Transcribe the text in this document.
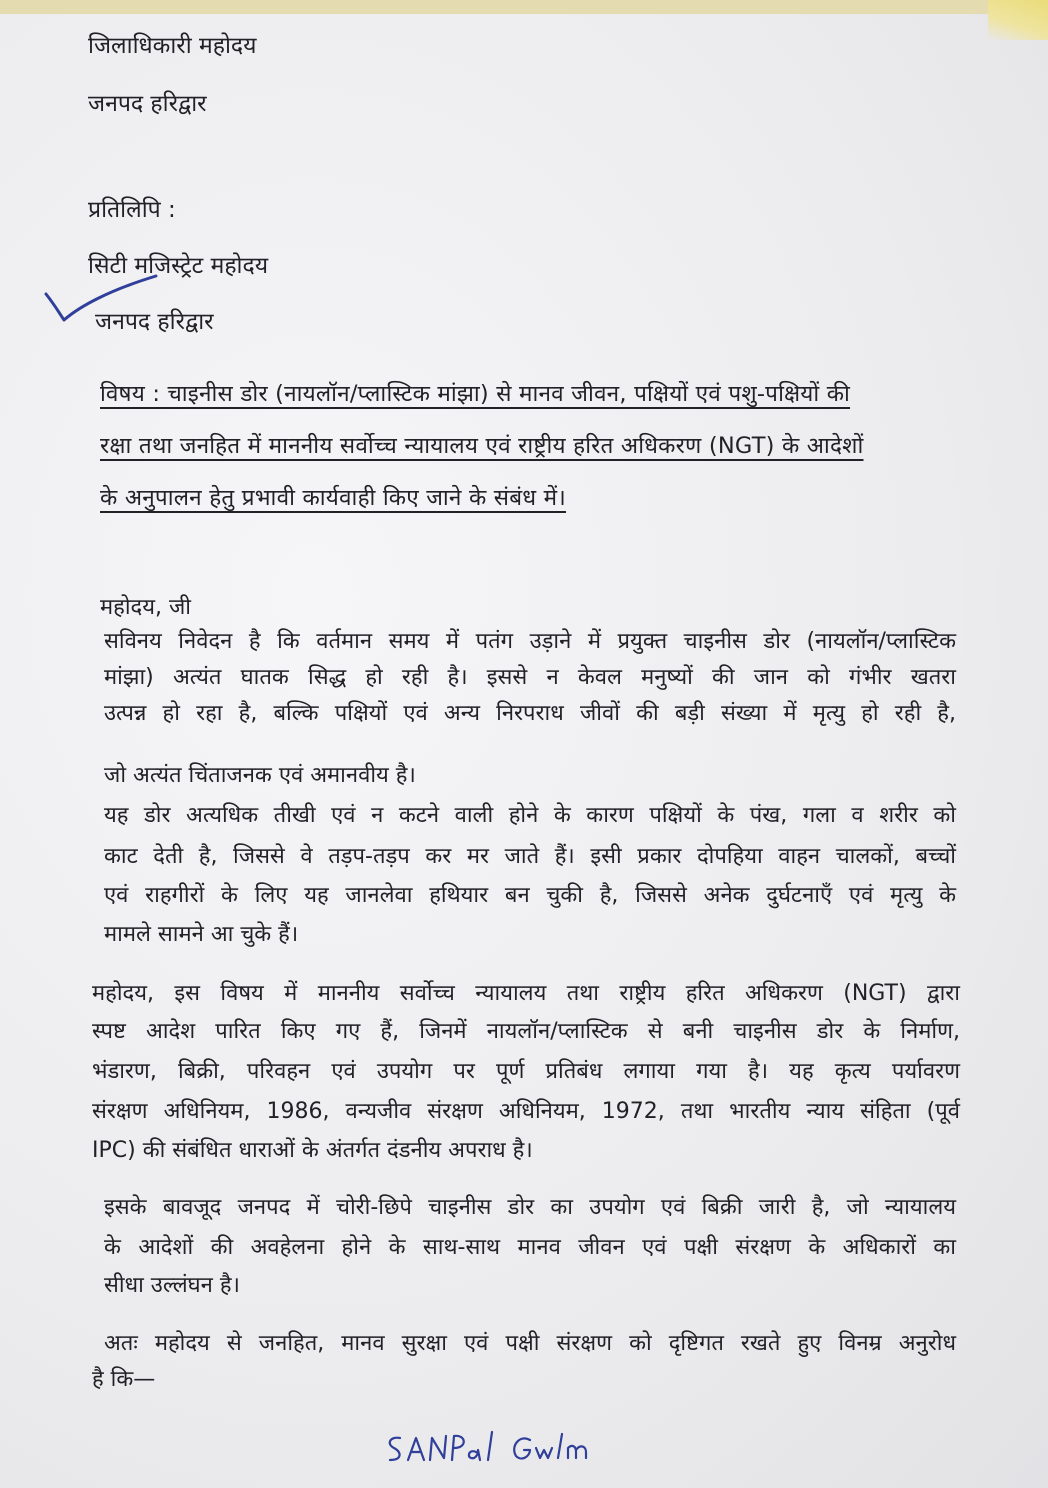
जिलाधिकारी महोदय

जनपद हरिद्वार

प्रतिलिपि :

सिटी मजिस्ट्रेट महोदय

जनपद हरिद्वार

विषय : चाइनीस डोर (नायलॉन/प्लास्टिक मांझा) से मानव जीवन, पक्षियों एवं पशु-पक्षियों की

रक्षा तथा जनहित में माननीय सर्वोच्च न्यायालय एवं राष्ट्रीय हरित अधिकरण (NGT) के आदेशों

के अनुपालन हेतु प्रभावी कार्यवाही किए जाने के संबंध में।

महोदय, जी

सविनय निवेदन है कि वर्तमान समय में पतंग उड़ाने में प्रयुक्त चाइनीस डोर (नायलॉन/प्लास्टिक

मांझा) अत्यंत घातक सिद्ध हो रही है। इससे न केवल मनुष्यों की जान को गंभीर खतरा

उत्पन्न हो रहा है, बल्कि पक्षियों एवं अन्य निरपराध जीवों की बड़ी संख्या में मृत्यु हो रही है,

जो अत्यंत चिंताजनक एवं अमानवीय है।

यह डोर अत्यधिक तीखी एवं न कटने वाली होने के कारण पक्षियों के पंख, गला व शरीर को

काट देती है, जिससे वे तड़प-तड़प कर मर जाते हैं। इसी प्रकार दोपहिया वाहन चालकों, बच्चों

एवं राहगीरों के लिए यह जानलेवा हथियार बन चुकी है, जिससे अनेक दुर्घटनाएँ एवं मृत्यु के

मामले सामने आ चुके हैं।

महोदय, इस विषय में माननीय सर्वोच्च न्यायालय तथा राष्ट्रीय हरित अधिकरण (NGT) द्वारा

स्पष्ट आदेश पारित किए गए हैं, जिनमें नायलॉन/प्लास्टिक से बनी चाइनीस डोर के निर्माण,

भंडारण, बिक्री, परिवहन एवं उपयोग पर पूर्ण प्रतिबंध लगाया गया है। यह कृत्य पर्यावरण

संरक्षण अधिनियम, 1986, वन्यजीव संरक्षण अधिनियम, 1972, तथा भारतीय न्याय संहिता (पूर्व

IPC) की संबंधित धाराओं के अंतर्गत दंडनीय अपराध है।

इसके बावजूद जनपद में चोरी-छिपे चाइनीस डोर का उपयोग एवं बिक्री जारी है, जो न्यायालय

के आदेशों की अवहेलना होने के साथ-साथ मानव जीवन एवं पक्षी संरक्षण के अधिकारों का

सीधा उल्लंघन है।

अतः महोदय से जनहित, मानव सुरक्षा एवं पक्षी संरक्षण को दृष्टिगत रखते हुए विनम्र अनुरोध

है कि—
